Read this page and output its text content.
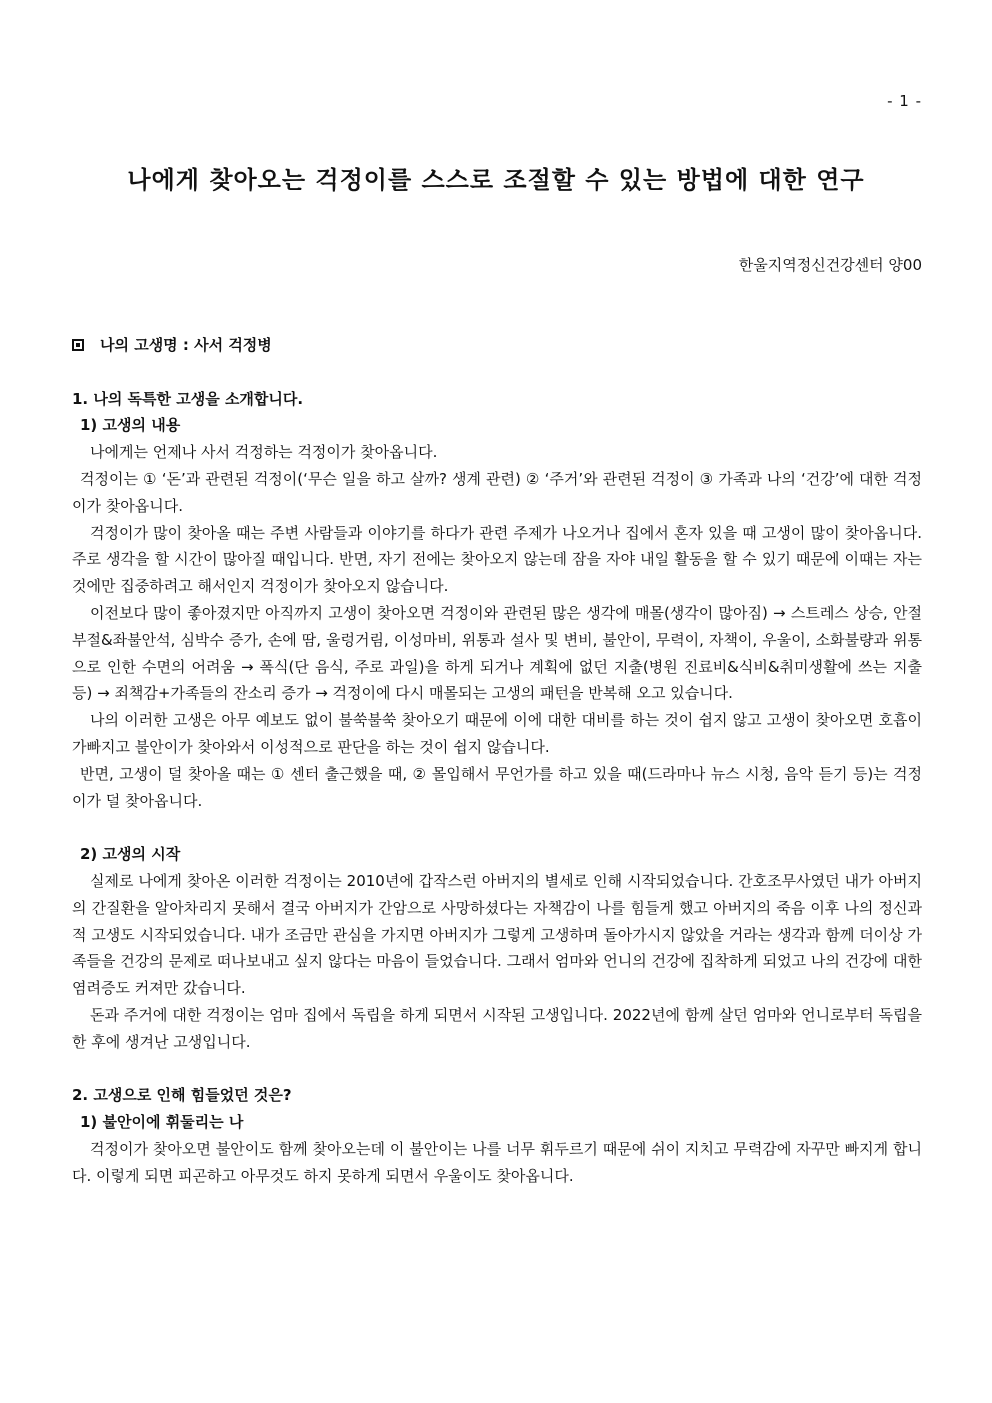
- 1 -
나에게 찾아오는 걱정이를 스스로 조절할 수 있는 방법에 대한 연구
한울지역정신건강센터 양00

나의 고생명 : 사서 걱정병

1. 나의 독특한 고생을 소개합니다.

1) 고생의 내용

나에게는 언제나 사서 걱정하는 걱정이가 찾아옵니다.

걱정이는 ① ‘돈’과 관련된 걱정이(‘무슨 일을 하고 살까? 생계 관련) ② ‘주거’와 관련된 걱정이 ③ 가족과 나의 ‘건강’에 대한 걱정이가 찾아옵니다.

걱정이가 많이 찾아올 때는 주변 사람들과 이야기를 하다가 관련 주제가 나오거나 집에서 혼자 있을 때 고생이 많이 찾아옵니다. 주로 생각을 할 시간이 많아질 때입니다. 반면, 자기 전에는 찾아오지 않는데 잠을 자야 내일 활동을 할 수 있기 때문에 이때는 자는 것에만 집중하려고 해서인지 걱정이가 찾아오지 않습니다.

이전보다 많이 좋아졌지만 아직까지 고생이 찾아오면 걱정이와 관련된 많은 생각에 매몰(생각이 많아짐) → 스트레스 상승, 안절부절&좌불안석, 심박수 증가, 손에 땀, 울렁거림, 이성마비, 위통과 설사 및 변비, 불안이, 무력이, 자책이, 우울이, 소화불량과 위통으로 인한 수면의 어려움 → 폭식(단 음식, 주로 과일)을 하게 되거나 계획에 없던 지출(병원 진료비&식비&취미생활에 쓰는 지출 등) → 죄책감+가족들의 잔소리 증가 → 걱정이에 다시 매몰되는 고생의 패턴을 반복해 오고 있습니다.

나의 이러한 고생은 아무 예보도 없이 불쑥불쑥 찾아오기 때문에 이에 대한 대비를 하는 것이 쉽지 않고 고생이 찾아오면 호흡이 가빠지고 불안이가 찾아와서 이성적으로 판단을 하는 것이 쉽지 않습니다.

반면, 고생이 덜 찾아올 때는 ① 센터 출근했을 때, ② 몰입해서 무언가를 하고 있을 때(드라마나 뉴스 시청, 음악 듣기 등)는 걱정이가 덜 찾아옵니다.

2) 고생의 시작

실제로 나에게 찾아온 이러한 걱정이는 2010년에 갑작스런 아버지의 별세로 인해 시작되었습니다. 간호조무사였던 내가 아버지의 간질환을 알아차리지 못해서 결국 아버지가 간암으로 사망하셨다는 자책감이 나를 힘들게 했고 아버지의 죽음 이후 나의 정신과적 고생도 시작되었습니다. 내가 조금만 관심을 가지면 아버지가 그렇게 고생하며 돌아가시지 않았을 거라는 생각과 함께 더이상 가족들을 건강의 문제로 떠나보내고 싶지 않다는 마음이 들었습니다. 그래서 엄마와 언니의 건강에 집착하게 되었고 나의 건강에 대한 염려증도 커져만 갔습니다.

돈과 주거에 대한 걱정이는 엄마 집에서 독립을 하게 되면서 시작된 고생입니다. 2022년에 함께 살던 엄마와 언니로부터 독립을 한 후에 생겨난 고생입니다.

2. 고생으로 인해 힘들었던 것은?

1) 불안이에 휘둘리는 나

걱정이가 찾아오면 불안이도 함께 찾아오는데 이 불안이는 나를 너무 휘두르기 때문에 쉬이 지치고 무력감에 자꾸만 빠지게 합니다. 이렇게 되면 피곤하고 아무것도 하지 못하게 되면서 우울이도 찾아옵니다.
